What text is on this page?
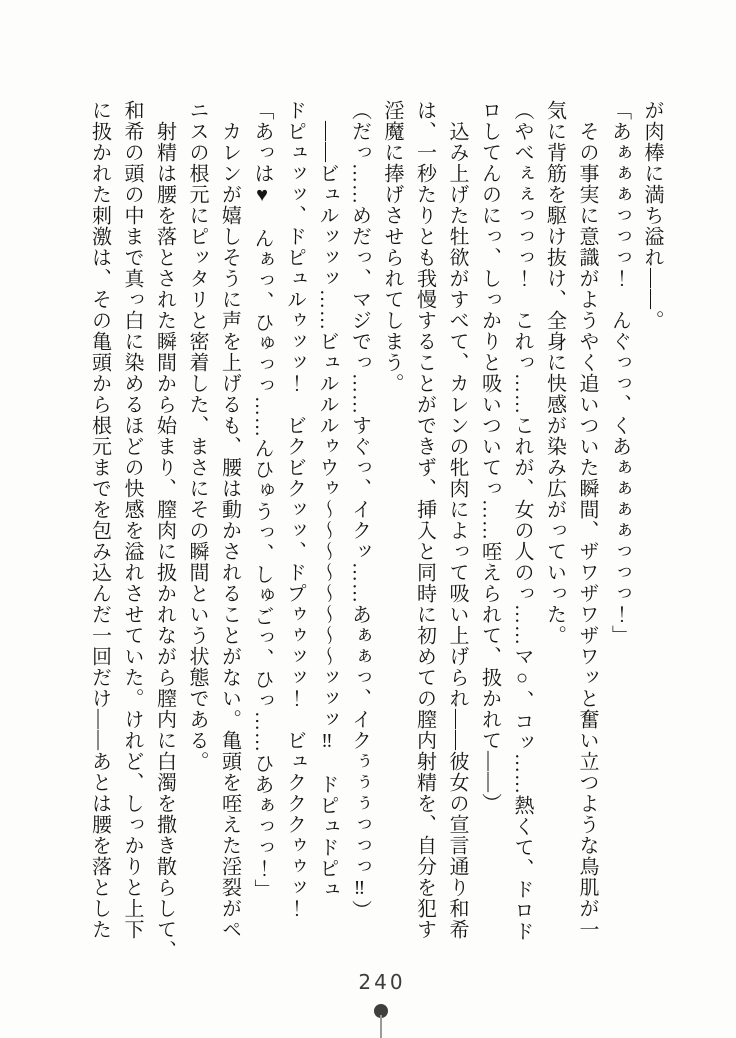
が肉棒に満ち溢れ――。

「あぁぁぁっっっ！　んぐっっ、くあぁぁぁぁっっっ！」

その事実に意識がようやく追いついた瞬間、ザワザワザワッと奮い立つような鳥肌が一

気に背筋を駆け抜け、全身に快感が染み広がっていった。

（やべぇぇっっっ！　これっ……これが、女の人のっ……マ○、コッ……熱くて、ドロド

ロしてんのにっ、しっかりと吸いついてっ……咥えられて、扱かれて――）

込み上げた牡欲がすべて、カレンの牝肉によって吸い上げられ――彼女の宣言通り和希

は、一秒たりとも我慢することができず、挿入と同時に初めての膣内射精を、自分を犯す

淫魔に捧げさせられてしまう。

（だっ……めだっ、マジでっ……すぐっ、イクッ……あぁぁっ、イクぅぅぅっっっ‼）

――ビュルッッッ……ビュルルルゥウゥ〜〜〜〜〜〜〜〜ッッッ‼　ドピュドピュ

ドピュッッ、ドピュルゥッッ！　ビクビクッッ、ドプゥゥッッ！　ビュクククゥゥッ！

「あっは♥　んぁっ、ひゅっっ……んひゅうっ、しゅごっ、ひっ……ひあぁっっ！」

カレンが嬉しそうに声を上げるも、腰は動かされることがない。亀頭を咥えた淫裂がペ

ニスの根元にピッタリと密着した、まさにその瞬間という状態である。

射精は腰を落とされた瞬間から始まり、膣肉に扱かれながら膣内に白濁を撒き散らして、

和希の頭の中まで真っ白に染めるほどの快感を溢れさせていた。けれど、しっかりと上下

に扱かれた刺激は、その亀頭から根元までを包み込んだ一回だけ――あとは腰を落とした

240
